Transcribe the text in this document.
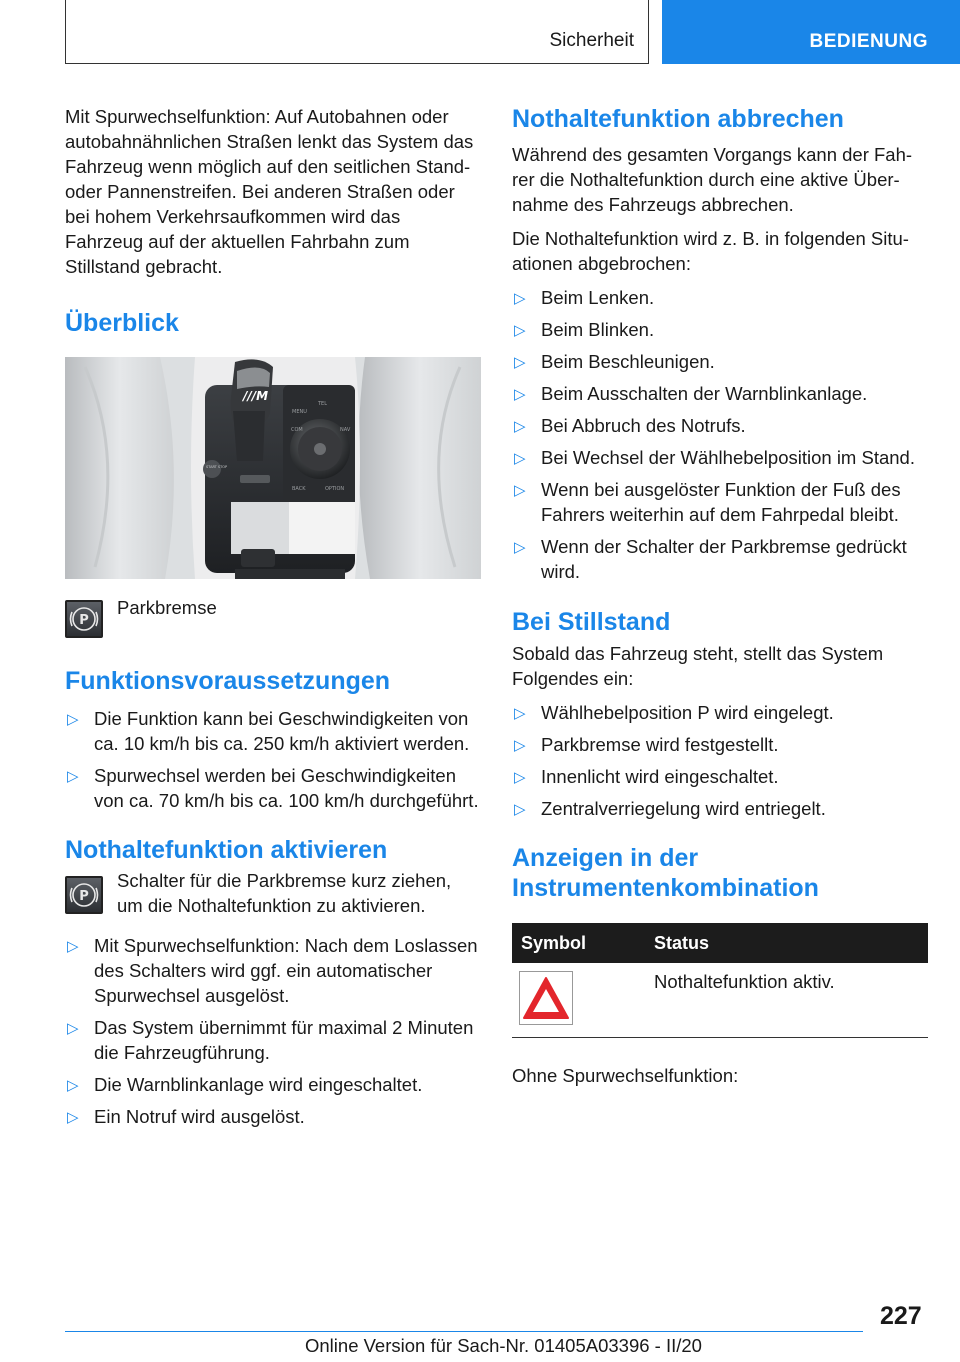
Sicherheit	BEDIENUNG

Mit Spurwechselfunktion: Auf Autobahnen oder autobahnähnlichen Straßen lenkt das System das Fahrzeug wenn möglich auf den seitlichen Stand- oder Pannenstreifen. Bei anderen Straßen oder bei hohem Verkehrsaufkommen wird das Fahrzeug auf der aktuellen Fahrbahn zum Stillstand gebracht.

Überblick
///M
MENU
TEL
COM	NAV
BACK	OPTION
START STOP
P
Parkbremse
Funktionsvoraussetzungen
▷ Die Funktion kann bei Geschwindigkeiten von ca. 10 km/h bis ca. 250 km/h aktiviert werden.
▷ Spurwechsel werden bei Geschwindigkeiten von ca. 70 km/h bis ca. 100 km/h durchgeführt.
Nothaltefunktion aktivieren
P
Schalter für die Parkbremse kurz ziehen, um die Nothaltefunktion zu aktivieren.
▷ Mit Spurwechselfunktion: Nach dem Loslassen des Schalters wird ggf. ein automatischer Spurwechsel ausgelöst.
▷ Das System übernimmt für maximal 2 Minuten die Fahrzeugführung.
▷ Die Warnblinkanlage wird eingeschaltet.
▷ Ein Notruf wird ausgelöst.
Nothaltefunktion abbrechen

Während des gesamten Vorgangs kann der Fahrer die Nothaltefunktion durch eine aktive Übernahme des Fahrzeugs abbrechen.

Die Nothaltefunktion wird z. B. in folgenden Situationen abgebrochen:

▷ Beim Lenken.
▷ Beim Blinken.
▷ Beim Beschleunigen.
▷ Beim Ausschalten der Warnblinkanlage.
▷ Bei Abbruch des Notrufs.
▷ Bei Wechsel der Wählhebelposition im Stand.
▷ Wenn bei ausgelöster Funktion der Fuß des Fahrers weiterhin auf dem Fahrpedal bleibt.
▷ Wenn der Schalter der Parkbremse gedrückt wird.
Bei Stillstand

Sobald das Fahrzeug steht, stellt das System Folgendes ein:

▷ Wählhebelposition P wird eingelegt.
▷ Parkbremse wird festgestellt.
▷ Innenlicht wird eingeschaltet.
▷ Zentralverriegelung wird entriegelt.
Anzeigen in der
Instrumentenkombination
Symbol	Status

	Nothaltefunktion aktiv.

Ohne Spurwechselfunktion:

227
Online Version für Sach-Nr. 01405A03396 - II/20
